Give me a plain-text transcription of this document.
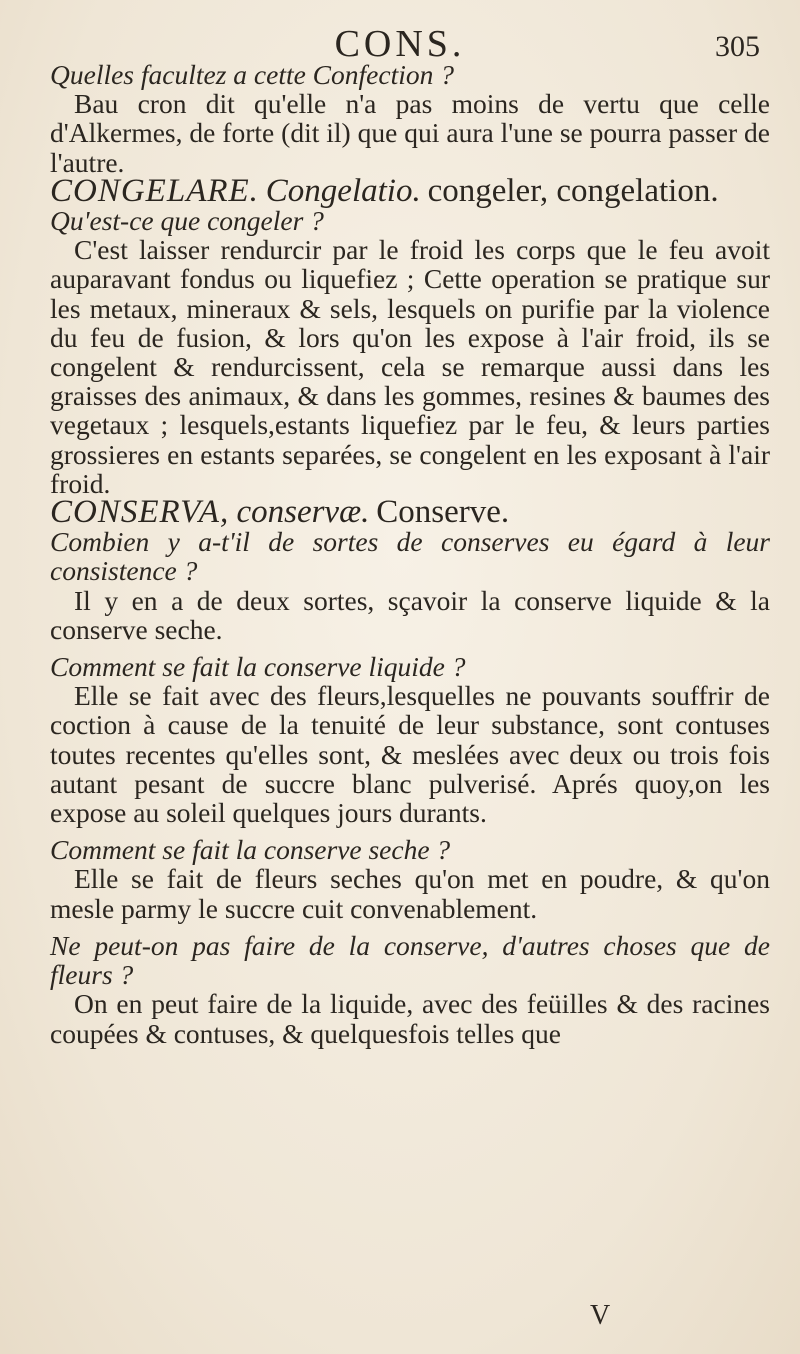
CONS.	305

Quelles facultez a cette Confection ?

Bau cron dit qu'elle n'a pas moins de vertu que celle d'Alkermes, de forte (dit il) que qui aura l'une se pourra passer de l'autre.

CONGELARE. Congelatio. congeler, congelation.

Qu'est-ce que congeler ?

C'est laisser rendurcir par le froid les corps que le feu avoit auparavant fondus ou liquefiez ; Cette operation se pratique sur les metaux, mineraux & sels, lesquels on purifie par la violence du feu de fusion, & lors qu'on les expose à l'air froid, ils se congelent & rendurcissent, cela se remarque aussi dans les graisses des animaux, & dans les gommes, resines & baumes des vegetaux ; lesquels,estants liquefiez par le feu, & leurs parties grossieres en estants separées, se congelent en les exposant à l'air froid.

CONSERVA, conservæ. Conserve.

Combien y a-t'il de sortes de conserves eu égard à leur consistence ?

Il y en a de deux sortes, sçavoir la conserve liquide & la conserve seche.

Comment se fait la conserve liquide ?

Elle se fait avec des fleurs,lesquelles ne pouvants souffrir de coction à cause de la tenuité de leur substance, sont contuses toutes recentes qu'elles sont, & meslées avec deux ou trois fois autant pesant de succre blanc pulverisé. Aprés quoy,on les expose au soleil quelques jours durants.

Comment se fait la conserve seche ?

Elle se fait de fleurs seches qu'on met en poudre, & qu'on mesle parmy le succre cuit convenablement.

Ne peut-on pas faire de la conserve, d'autres choses que de fleurs ?

On en peut faire de la liquide, avec des feüilles & des racines coupées & contuses, & quelquesfois telles que

V
